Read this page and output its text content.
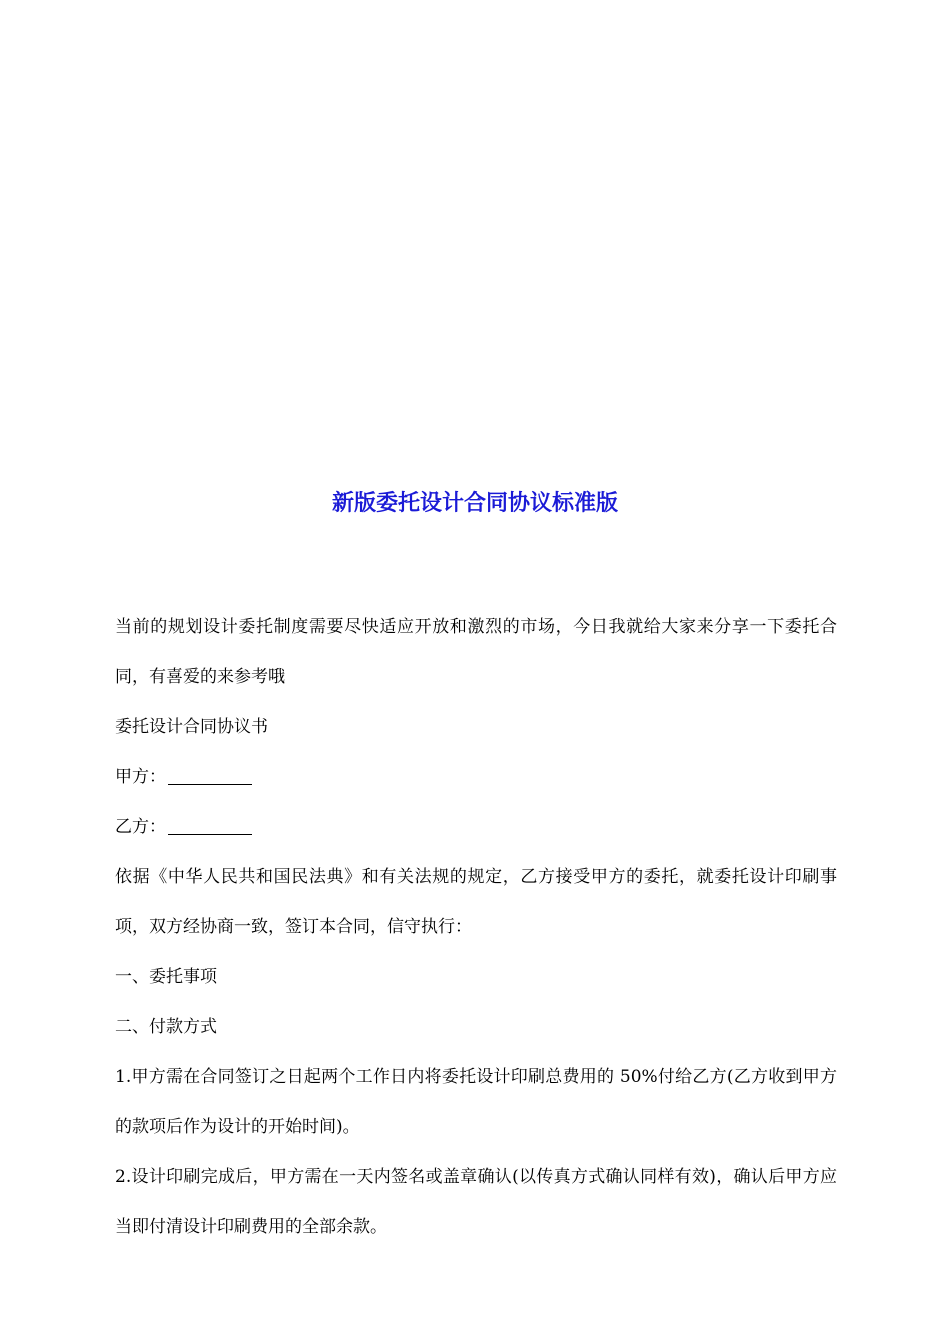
新版委托设计合同协议标准版

当前的规划设计委托制度需要尽快适应开放和激烈的市场，今日我就给大家来分享一下委托合同，有喜爱的来参考哦

委托设计合同协议书

甲方：

乙方：

依据《中华人民共和国民法典》和有关法规的规定，乙方接受甲方的委托，就委托设计印刷事项，双方经协商一致，签订本合同，信守执行：

一、委托事项

二、付款方式

1.甲方需在合同签订之日起两个工作日内将委托设计印刷总费用的 50%付给乙方(乙方收到甲方的款项后作为设计的开始时间)。

2.设计印刷完成后，甲方需在一天内签名或盖章确认(以传真方式确认同样有效)，确认后甲方应当即付清设计印刷费用的全部余款。
